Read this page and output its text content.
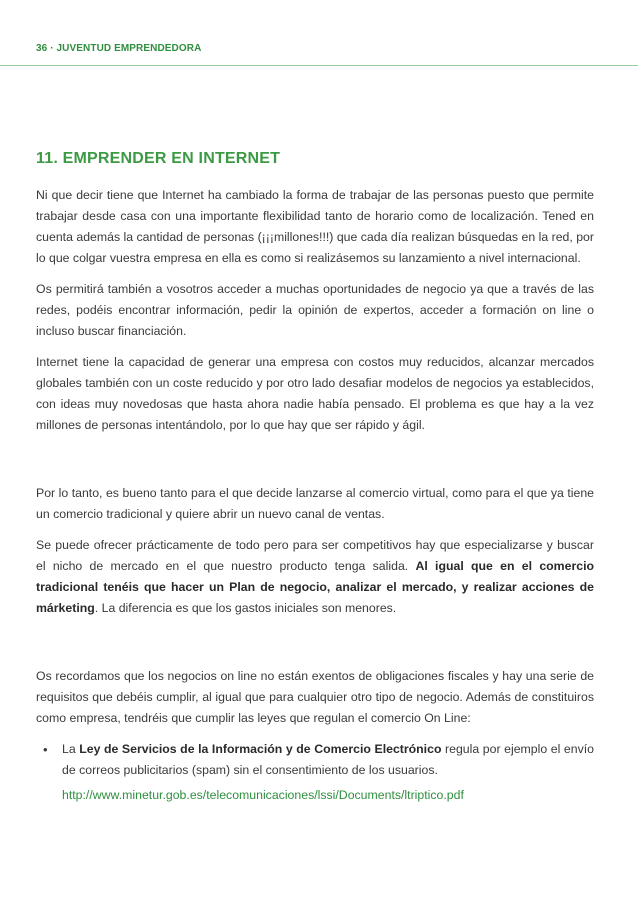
36 · JUVENTUD EMPRENDEDORA
11. EMPRENDER EN INTERNET

Ni que decir tiene que Internet ha cambiado la forma de trabajar de las personas puesto que permite trabajar desde casa con una importante flexibilidad tanto de horario como de localización. Tened en cuenta además la cantidad de personas (¡¡¡millones!!!) que cada día realizan búsquedas en la red, por lo que colgar vuestra empresa en ella es como si realizásemos su lanzamiento a nivel internacional.

Os permitirá también a vosotros acceder a muchas oportunidades de negocio ya que a través de las redes, podéis encontrar información, pedir la opinión de expertos, acceder a formación on line o incluso buscar financiación.

Internet tiene la capacidad de generar una empresa con costos muy reducidos, alcanzar mercados globales también con un coste reducido y por otro lado desafiar modelos de negocios ya establecidos, con ideas muy novedosas que hasta ahora nadie había pensado. El problema es que hay a la vez millones de personas intentándolo, por lo que hay que ser rápido y ágil.

Por lo tanto, es bueno tanto para el que decide lanzarse al comercio virtual, como para el que ya tiene un comercio tradicional y quiere abrir un nuevo canal de ventas.

Se puede ofrecer prácticamente de todo pero para ser competitivos hay que especializarse y buscar el nicho de mercado en el que nuestro producto tenga salida. Al igual que en el comercio tradicional tenéis que hacer un Plan de negocio, analizar el mercado, y realizar acciones de márketing. La diferencia es que los gastos iniciales son menores.

Os recordamos que los negocios on line no están exentos de obligaciones fiscales y hay una serie de requisitos que debéis cumplir, al igual que para cualquier otro tipo de negocio. Además de constituiros como empresa, tendréis que cumplir las leyes que regulan el comercio On Line:

• La Ley de Servicios de la Información y de Comercio Electrónico regula por ejemplo el envío de correos publicitarios (spam) sin el consentimiento de los usuarios.
http://www.minetur.gob.es/telecomunicaciones/lssi/Documents/ltriptico.pdf
